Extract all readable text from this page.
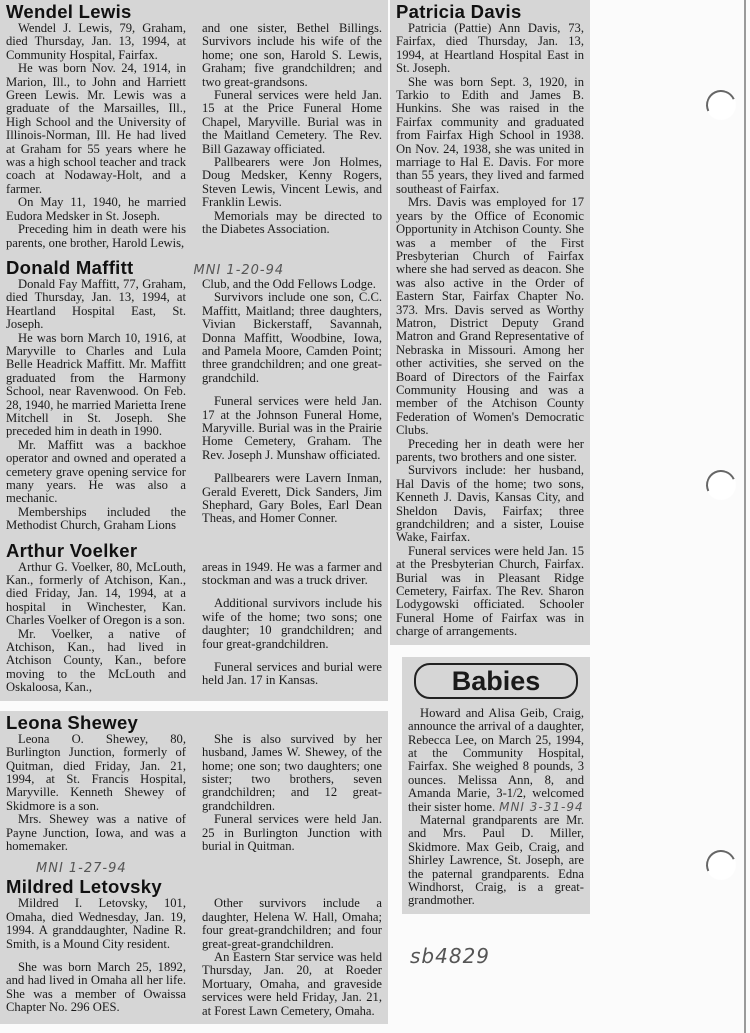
Wendel Lewis

Wendel J. Lewis, 79, Graham, died Thursday, Jan. 13, 1994, at Community Hospital, Fairfax.

He was born Nov. 24, 1914, in Marion, Ill., to John and Harriett Green Lewis. Mr. Lewis was a graduate of the Marsailles, Ill., High School and the University of Illinois-Norman, Ill. He had lived at Graham for 55 years where he was a high school teacher and track coach at Nodaway-Holt, and a farmer.

On May 11, 1940, he married Eudora Medsker in St. Joseph.

Preceding him in death were his parents, one brother, Harold Lewis,

and one sister, Bethel Billings. Survivors include his wife of the home; one son, Harold S. Lewis, Graham; five grandchildren; and two great-grandsons.

Funeral services were held Jan. 15 at the Price Funeral Home Chapel, Maryville. Burial was in the Maitland Cemetery. The Rev. Bill Gazaway officiated.

Pallbearers were Jon Holmes, Doug Medsker, Kenny Rogers, Steven Lewis, Vincent Lewis, and Franklin Lewis.

Memorials may be directed to the Diabetes Association.

Donald Maffitt	MNI 1-20-94

Donald Fay Maffitt, 77, Graham, died Thursday, Jan. 13, 1994, at Heartland Hospital East, St. Joseph.

He was born March 10, 1916, at Maryville to Charles and Lula Belle Headrick Maffitt. Mr. Maffitt graduated from the Harmony School, near Ravenwood. On Feb. 28, 1940, he married Marietta Irene Mitchell in St. Joseph. She preceded him in death in 1990.

Mr. Maffitt was a backhoe operator and owned and operated a cemetery grave opening service for many years. He was also a mechanic.

Memberships included the Methodist Church, Graham Lions

Club, and the Odd Fellows Lodge.

Survivors include one son, C.C. Maffitt, Maitland; three daughters, Vivian Bickerstaff, Savannah, Donna Maffitt, Woodbine, Iowa, and Pamela Moore, Camden Point; three grandchildren; and one great-grandchild.

Funeral services were held Jan. 17 at the Johnson Funeral Home, Maryville. Burial was in the Prairie Home Cemetery, Graham. The Rev. Joseph J. Munshaw officiated.

Pallbearers were Lavern Inman, Gerald Everett, Dick Sanders, Jim Shephard, Gary Boles, Earl Dean Theas, and Homer Conner.

Arthur Voelker

Arthur G. Voelker, 80, McLouth, Kan., formerly of Atchison, Kan., died Friday, Jan. 14, 1994, at a hospital in Winchester, Kan. Charles Voelker of Oregon is a son.

Mr. Voelker, a native of Atchison, Kan., had lived in Atchison County, Kan., before moving to the McLouth and Oskaloosa, Kan.,

areas in 1949. He was a farmer and stockman and was a truck driver.

Additional survivors include his wife of the home; two sons; one daughter; 10 grandchildren; and four great-grandchildren.

Funeral services and burial were held Jan. 17 in Kansas.

Leona Shewey

Leona O. Shewey, 80, Burlington Junction, formerly of Quitman, died Friday, Jan. 21, 1994, at St. Francis Hospital, Maryville. Kenneth Shewey of Skidmore is a son.

Mrs. Shewey was a native of Payne Junction, Iowa, and was a homemaker.

She is also survived by her husband, James W. Shewey, of the home; one son; two daughters; one sister; two brothers, seven grandchildren; and 12 great-grandchildren.

Funeral services were held Jan. 25 in Burlington Junction with burial in Quitman.

MNI 1-27-94
Mildred Letovsky

Mildred I. Letovsky, 101, Omaha, died Wednesday, Jan. 19, 1994. A granddaughter, Nadine R. Smith, is a Mound City resident.

She was born March 25, 1892, and had lived in Omaha all her life. She was a member of Owaissa Chapter No. 296 OES.

Other survivors include a daughter, Helena W. Hall, Omaha; four great-grandchildren; and four great-great-grandchildren.

An Eastern Star service was held Thursday, Jan. 20, at Roeder Mortuary, Omaha, and graveside services were held Friday, Jan. 21, at Forest Lawn Cemetery, Omaha.

Patricia Davis

Patricia (Pattie) Ann Davis, 73, Fairfax, died Thursday, Jan. 13, 1994, at Heartland Hospital East in St. Joseph.

She was born Sept. 3, 1920, in Tarkio to Edith and James B. Hunkins. She was raised in the Fairfax community and graduated from Fairfax High School in 1938. On Nov. 24, 1938, she was united in marriage to Hal E. Davis. For more than 55 years, they lived and farmed southeast of Fairfax.

Mrs. Davis was employed for 17 years by the Office of Economic Opportunity in Atchison County. She was a member of the First Presbyterian Church of Fairfax where she had served as deacon. She was also active in the Order of Eastern Star, Fairfax Chapter No. 373. Mrs. Davis served as Worthy Matron, District Deputy Grand Matron and Grand Representative of Nebraska in Missouri. Among her other activities, she served on the Board of Directors of the Fairfax Community Housing and was a member of the Atchison County Federation of Women's Democratic Clubs.

Preceding her in death were her parents, two brothers and one sister.

Survivors include: her husband, Hal Davis of the home; two sons, Kenneth J. Davis, Kansas City, and Sheldon Davis, Fairfax; three grandchildren; and a sister, Louise Wake, Fairfax.

Funeral services were held Jan. 15 at the Presbyterian Church, Fairfax. Burial was in Pleasant Ridge Cemetery, Fairfax. The Rev. Sharon Lodygowski officiated. Schooler Funeral Home of Fairfax was in charge of arrangements.

Babies

Howard and Alisa Geib, Craig, announce the arrival of a daughter, Rebecca Lee, on March 25, 1994, at the Community Hospital, Fairfax. She weighed 8 pounds, 3 ounces. Melissa Ann, 8, and Amanda Marie, 3-1/2, welcomed their sister home. MNI 3-31-94

Maternal grandparents are Mr. and Mrs. Paul D. Miller, Skidmore. Max Geib, Craig, and Shirley Lawrence, St. Joseph, are the paternal grandparents. Edna Windhorst, Craig, is a great-grandmother.

sb4829
